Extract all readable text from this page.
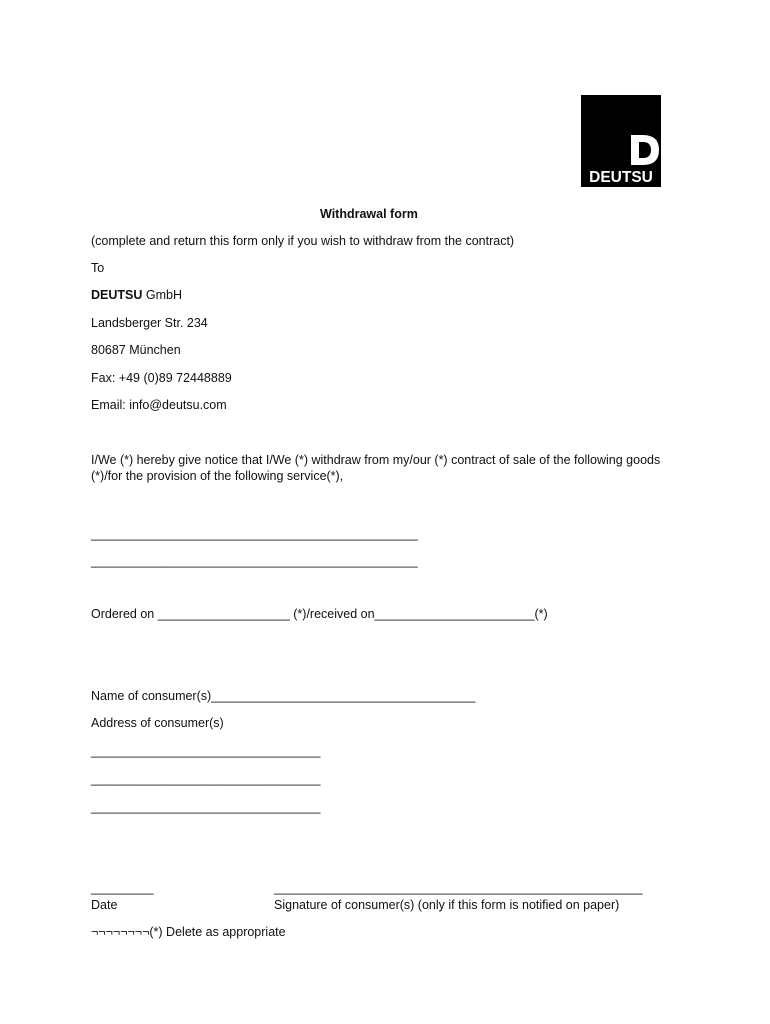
DEUTSU
Withdrawal form
(complete and return this form only if you wish to withdraw from the contract)
To
DEUTSU GmbH
Landsberger Str. 234
80687 München
Fax: +49 (0)89 72448889
Email: info@deutsu.com
I/We (*) hereby give notice that I/We (*) withdraw from my/our (*) contract of sale of the following goods (*)/for the provision of the following service(*),
_______________________________________________
_______________________________________________
Ordered on ___________________ (*)/received on_______________________(*)
Name of consumer(s)______________________________________
Address of consumer(s)
_________________________________
_________________________________
_________________________________
_________	_____________________________________________________
Date	Signature of consumer(s) (only if this form is notified on paper)
¬¬¬¬¬¬¬¬(*) Delete as appropriate
